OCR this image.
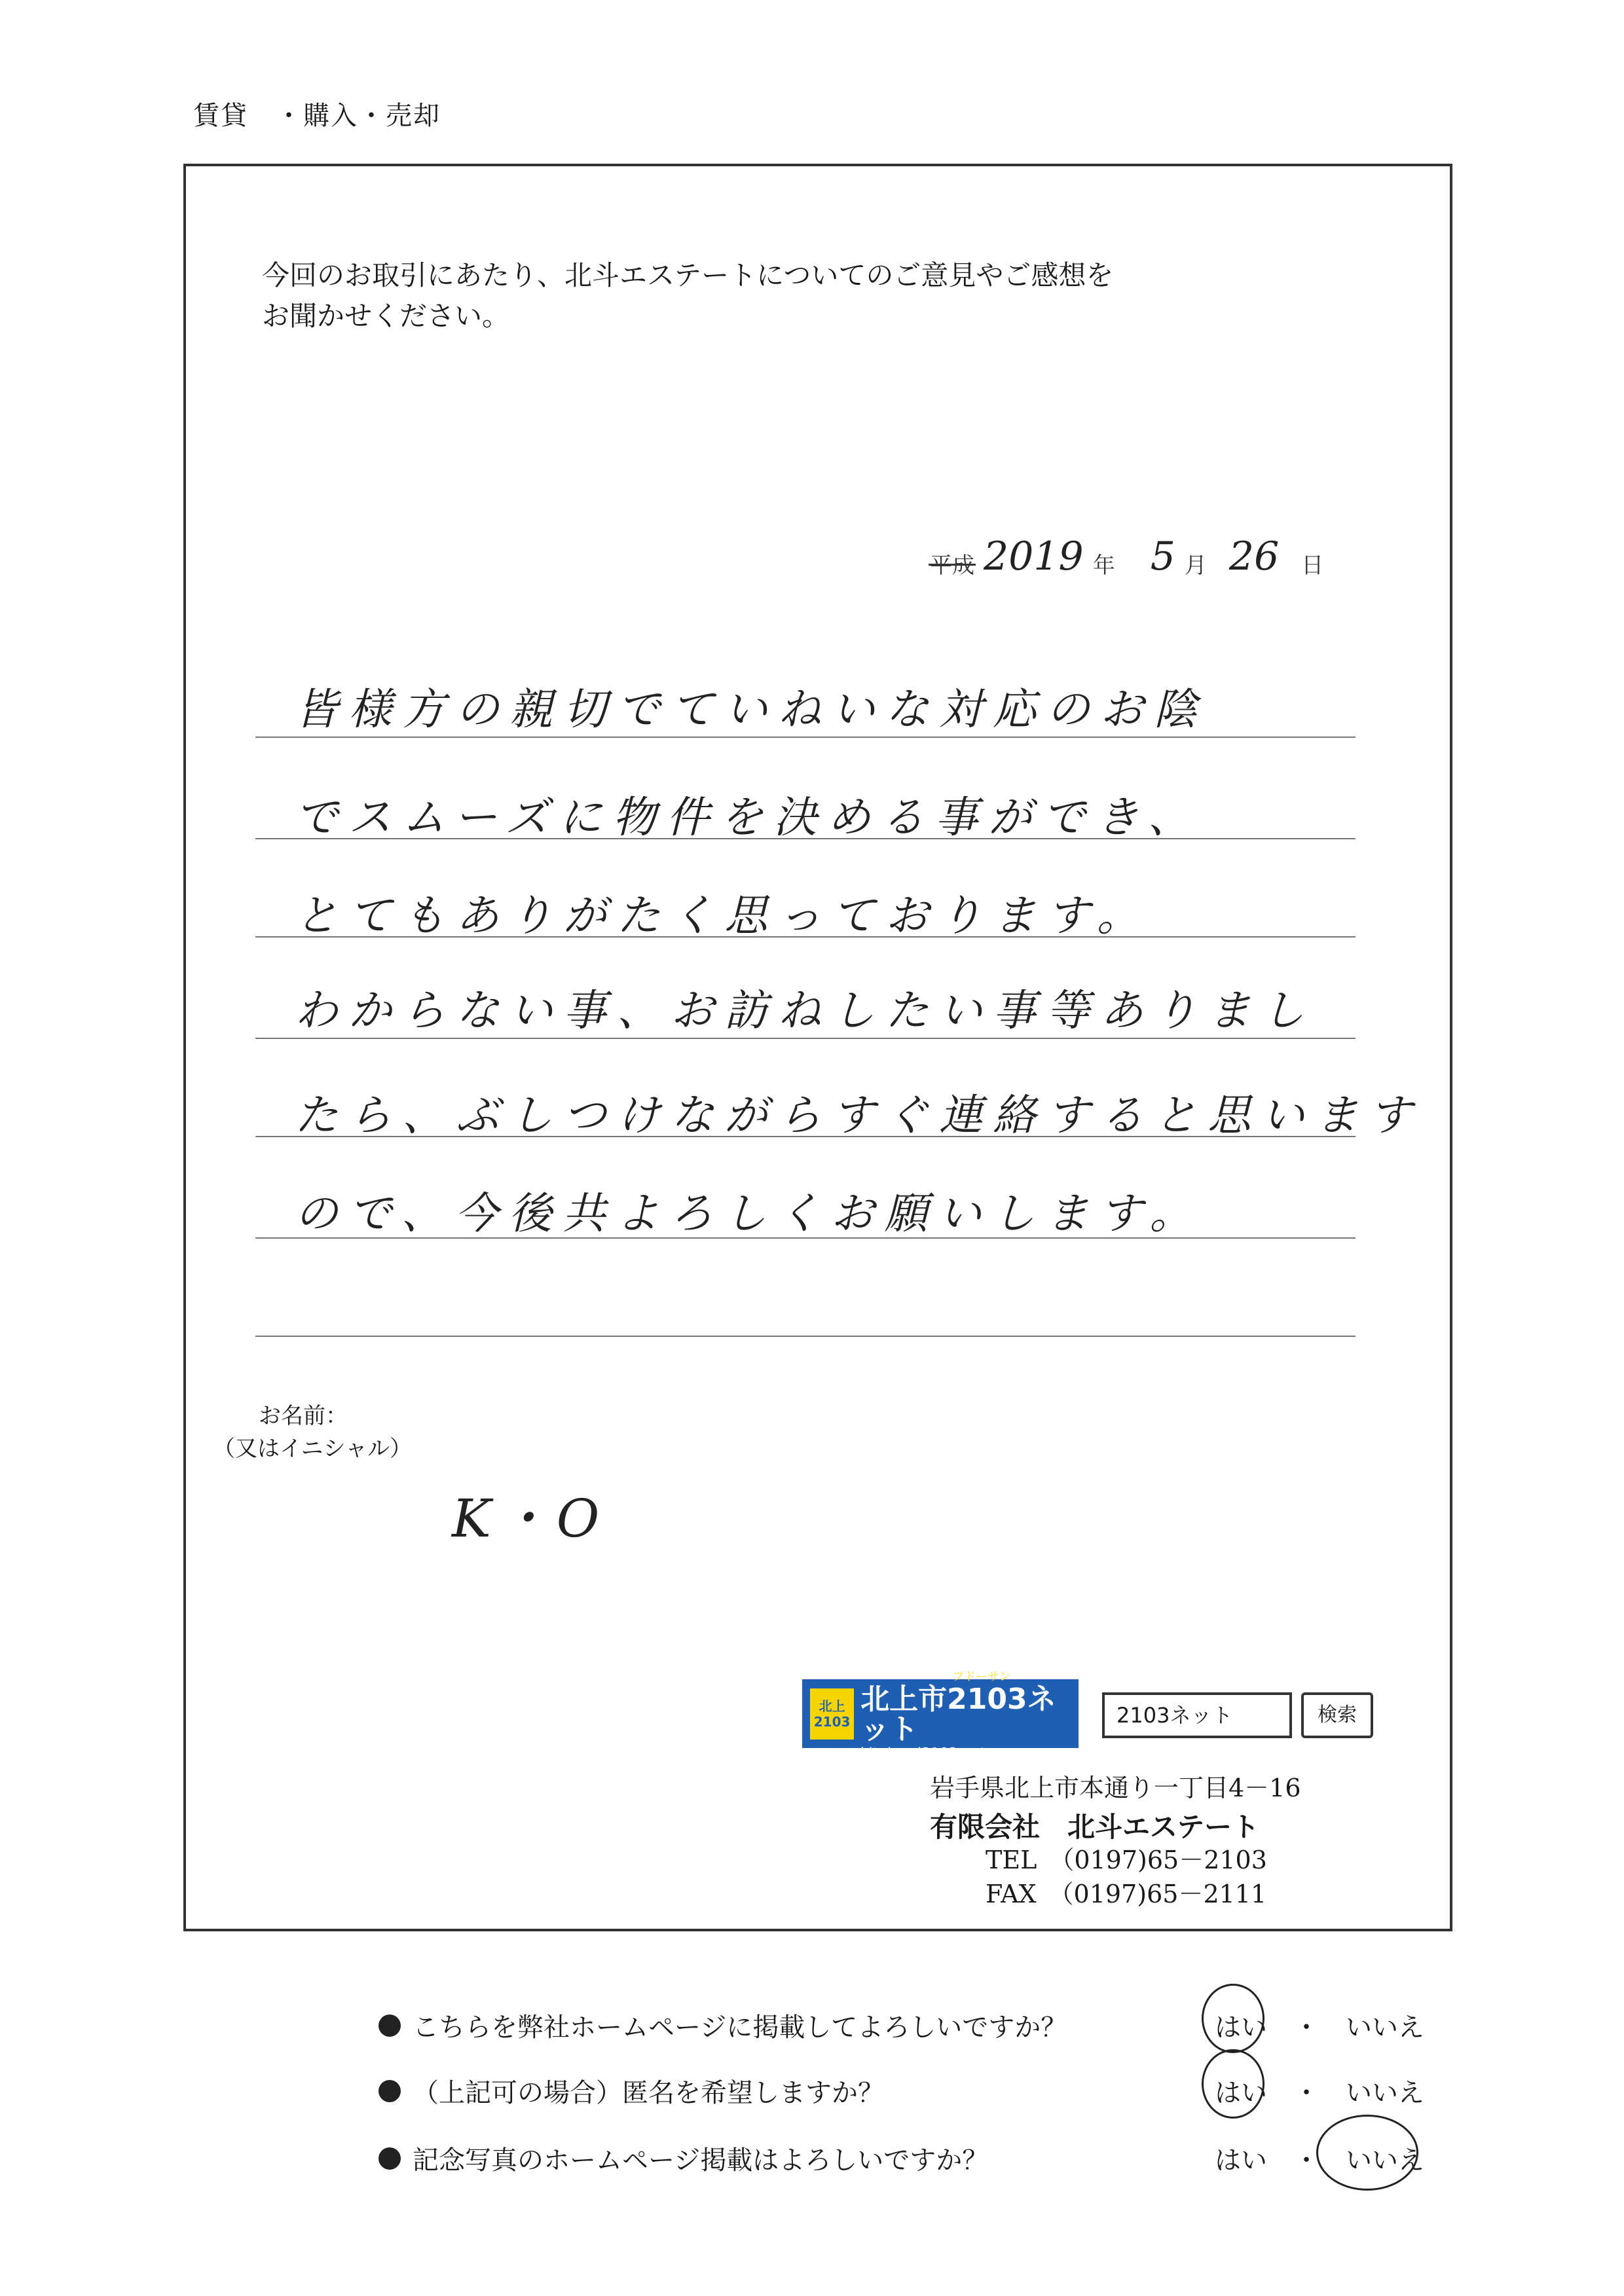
賃貸　・購入・売却
今回のお取引にあたり、北斗エステートについてのご意見やご感想を
お聞かせください。
平成 2019 年 5 月 26 日
皆様方の親切でていねいな対応のお陰
でスムーズに物件を決める事ができ、
とてもありがたく思っております。
わからない事、お訪ねしたい事等ありまし
たら、ぶしつけながらすぐ連絡すると思います
ので、今後共よろしくお願いします。
お名前：
（又はイニシャル）
K・O
北上
2103
フドーサン
北上市2103ネット
kitakami2103.net
2103ネット	検索
岩手県北上市本通り一丁目4－16
有限会社　北斗エステート
TEL　（0197)65－2103
FAX　（0197)65－2111
こちらを弊社ホームページに掲載してよろしいですか？	はい　・　いいえ
（上記可の場合）匿名を希望しますか？	はい　・　いいえ
記念写真のホームページ掲載はよろしいですか？	はい　・　いいえ
